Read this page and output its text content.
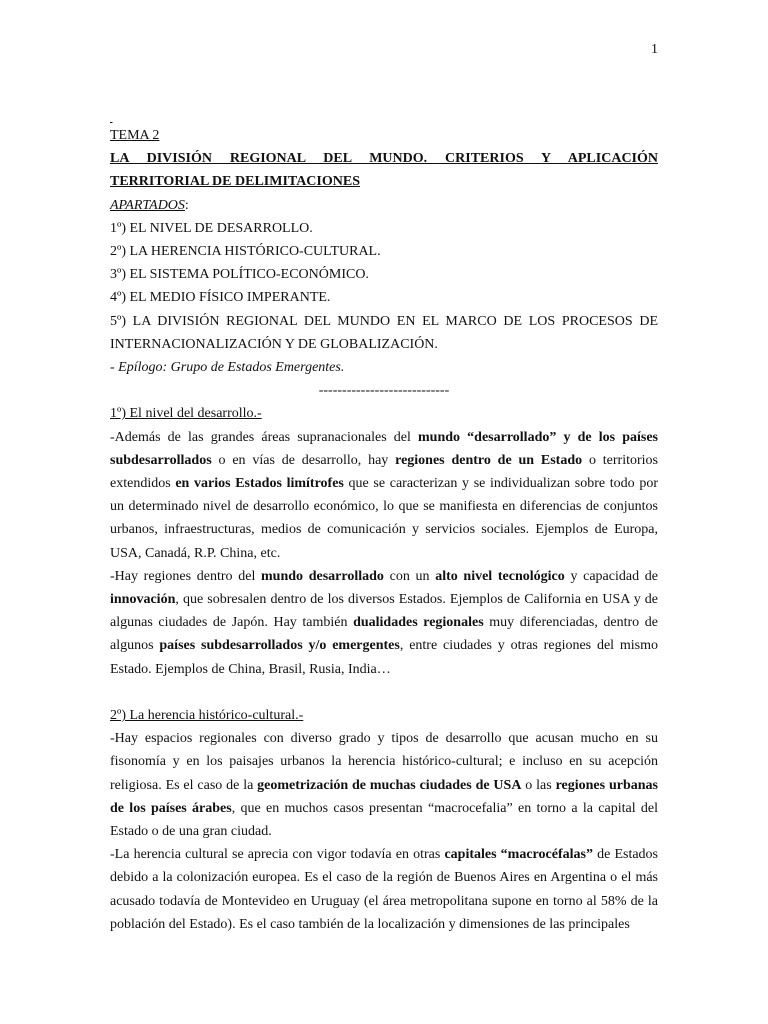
1

TEMA 2

LA DIVISIÓN REGIONAL DEL MUNDO. CRITERIOS Y APLICACIÓN TERRITORIAL DE DELIMITACIONES

APARTADOS:

1º) EL NIVEL DE DESARROLLO.

2º) LA HERENCIA HISTÓRICO-CULTURAL.

3º) EL SISTEMA POLÍTICO-ECONÓMICO.

4º) EL MEDIO FÍSICO IMPERANTE.

5º) LA DIVISIÓN REGIONAL DEL MUNDO EN EL MARCO DE LOS PROCESOS DE INTERNACIONALIZACIÓN Y DE GLOBALIZACIÓN.

- Epílogo: Grupo de Estados Emergentes.

----------------------------

1º) El nivel del desarrollo.-

-Además de las grandes áreas supranacionales del mundo “desarrollado” y de los países subdesarrollados o en vías de desarrollo, hay regiones dentro de un Estado o territorios extendidos en varios Estados limítrofes que se caracterizan y se individualizan sobre todo por un determinado nivel de desarrollo económico, lo que se manifiesta en diferencias de conjuntos urbanos, infraestructuras, medios de comunicación y servicios sociales. Ejemplos de Europa, USA, Canadá, R.P. China, etc.

-Hay regiones dentro del mundo desarrollado con un alto nivel tecnológico y capacidad de innovación, que sobresalen dentro de los diversos Estados. Ejemplos de California en USA y de algunas ciudades de Japón. Hay también dualidades regionales muy diferenciadas, dentro de algunos países subdesarrollados y/o emergentes, entre ciudades y otras regiones del mismo Estado. Ejemplos de China, Brasil, Rusia, India…

2º) La herencia histórico-cultural.-

-Hay espacios regionales con diverso grado y tipos de desarrollo que acusan mucho en su fisonomía y en los paisajes urbanos la herencia histórico-cultural; e incluso en su acepción religiosa. Es el caso de la geometrización de muchas ciudades de USA o las regiones urbanas de los países árabes, que en muchos casos presentan “macrocefalia” en torno a la capital del Estado o de una gran ciudad.

-La herencia cultural se aprecia con vigor todavía en otras capitales “macrocéfalas” de Estados debido a la colonización europea. Es el caso de la región de Buenos Aires en Argentina o el más acusado todavía de Montevideo en Uruguay (el área metropolitana supone en torno al 58% de la población del Estado). Es el caso también de la localización y dimensiones de las principales
